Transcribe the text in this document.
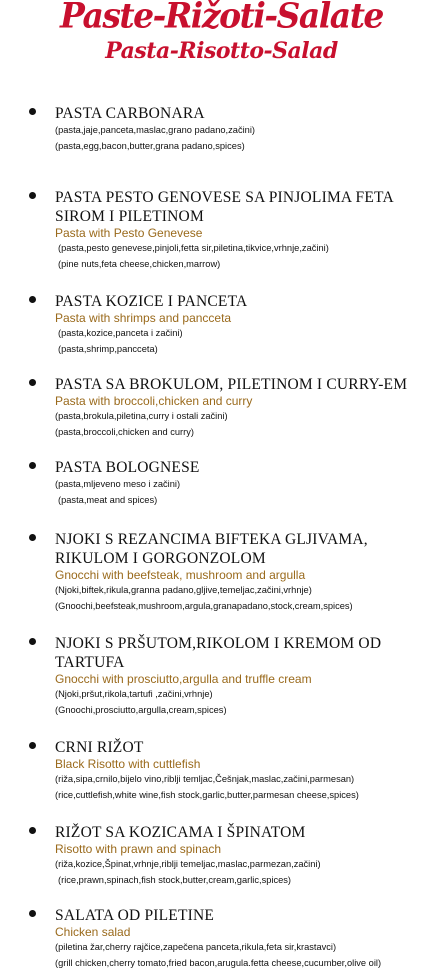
Paste-Rižoti-Salate
Pasta-Risotto-Salad
PASTA CARBONARA
(pasta,jaje,panceta,maslac,grano padano,začini)
(pasta,egg,bacon,butter,grana padano,spices)
PASTA PESTO GENOVESE SA PINJOLIMA FETA SIROM I PILETINOM
Pasta with Pesto Genevese
(pasta,pesto genevese,pinjoli,fetta sir,piletina,tikvice,vrhnje,začini)
(pine nuts,feta cheese,chicken,marrow)
PASTA KOZICE I PANCETA
Pasta with shrimps and pancceta
(pasta,kozice,panceta i začini)
(pasta,shrimp,pancceta)
PASTA SA BROKULOM, PILETINOM I CURRY-EM
Pasta with broccoli,chicken and curry
(pasta,brokula,piletina,curry i ostali začini)
(pasta,broccoli,chicken and curry)
PASTA BOLOGNESE
(pasta,mljeveno meso i začini)
(pasta,meat and spices)
NJOKI S REZANCIMA BIFTEKA GLJIVAMA, RIKULOM I GORGONZOLOM
Gnocchi with beefsteak, mushroom and argulla
(Njoki,biftek,rikula,granna padano,gljive,temeljac,začini,vrhnje)
(Gnoochi,beefsteak,mushroom,argula,granapadano,stock,cream,spices)
NJOKI S PRŠUTOM,RIKOLOM I KREMOM OD TARTUFA
Gnocchi with prosciutto,argulla and truffle cream
(Njoki,pršut,rikola,tartufi ,začini,vrhnje)
(Gnoochi,prosciutto,argulla,cream,spices)
CRNI RIŽOT
Black Risotto with cuttlefish
(riža,sipa,crnilo,bijelo vino,riblji temljac,Češnjak,maslac,začini,parmesan)
(rice,cuttlefish,white wine,fish stock,garlic,butter,parmesan cheese,spices)
RIŽOT SA KOZICAMA I ŠPINATOM
Risotto with prawn and spinach
(riža,kozice,Špinat,vrhnje,riblji temeljac,maslac,parmezan,začini)
(rice,prawn,spinach,fish stock,butter,cream,garlic,spices)
SALATA OD PILETINE
Chicken salad
(piletina žar,cherry rajčice,zapečena panceta,rikula,feta sir,krastavci)
(grill chicken,cherry tomato,fried bacon,arugula.fetta cheese,cucumber,olive oil)
